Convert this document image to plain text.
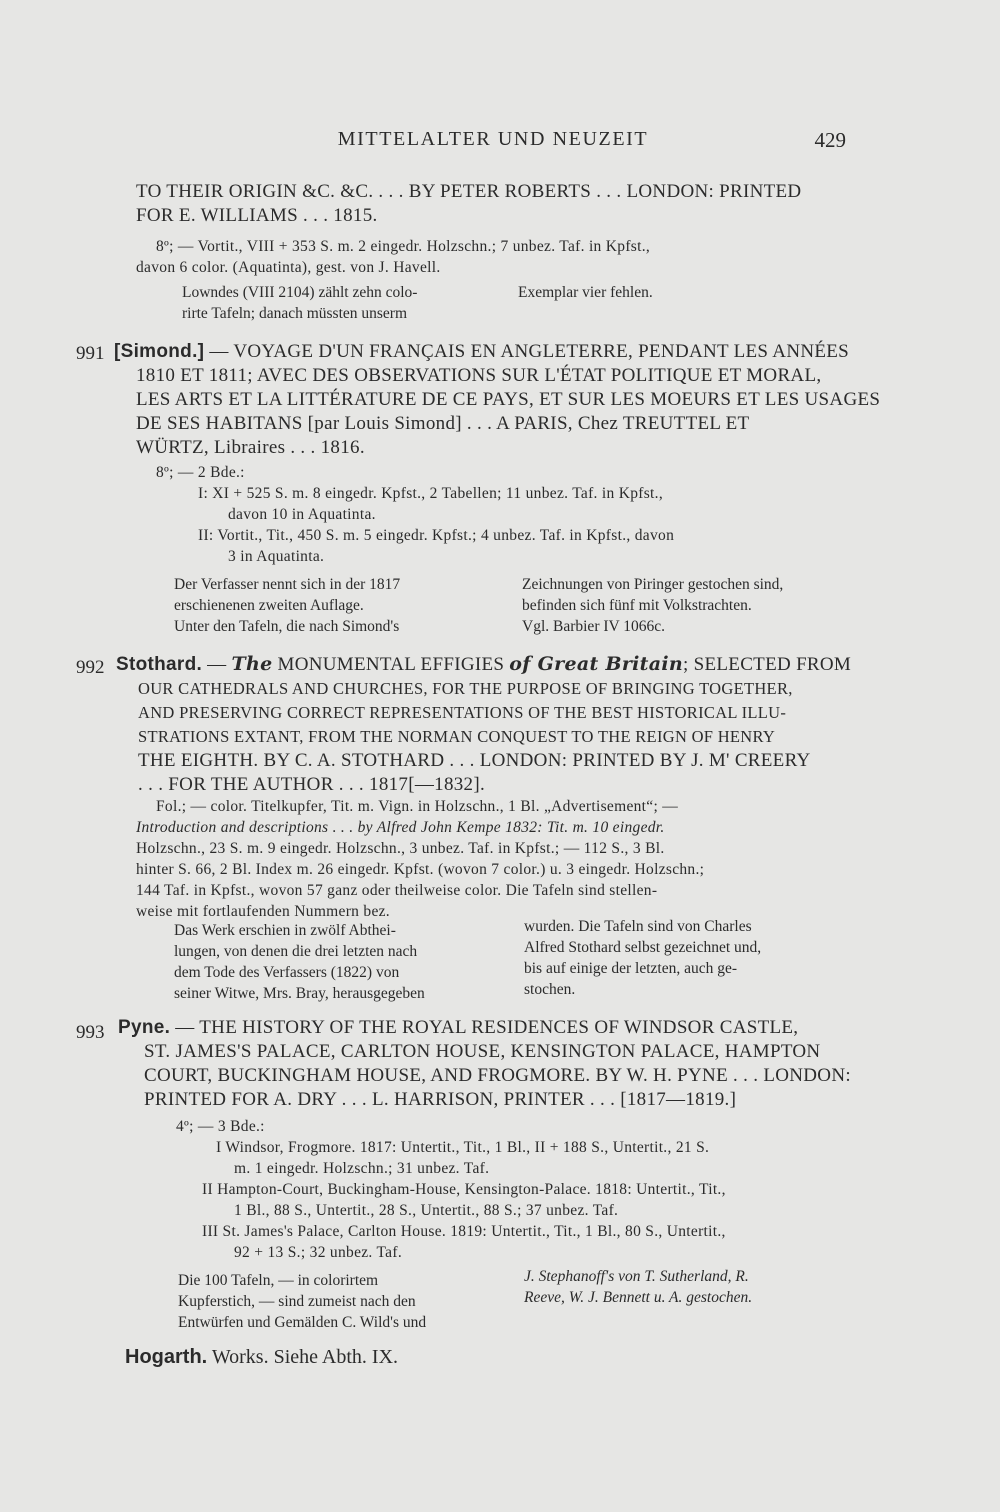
MITTELALTER UND NEUZEIT	429
TO THEIR ORIGIN &C. &C. . . . BY PETER ROBERTS . . . LONDON: PRINTED
FOR E. WILLIAMS . . . 1815.
8º; — Vortit., VIII + 353 S. m. 2 eingedr. Holzschn.; 7 unbez. Taf. in Kpfst.,
davon 6 color. (Aquatinta), gest. von J. Havell.
Lowndes (VIII 2104) zählt zehn colo-
rirte Tafeln; danach müssten unserm
Exemplar vier fehlen.
991 [Simond.] — VOYAGE D'UN FRANÇAIS EN ANGLETERRE, PENDANT LES ANNÉES
1810 ET 1811; AVEC DES OBSERVATIONS SUR L'ÉTAT POLITIQUE ET MORAL,
LES ARTS ET LA LITTÉRATURE DE CE PAYS, ET SUR LES MOEURS ET LES USAGES
DE SES HABITANS [par Louis Simond] . . . A PARIS, Chez TREUTTEL ET
WÜRTZ, Libraires . . . 1816.
8º; — 2 Bde.:
I: XI + 525 S. m. 8 eingedr. Kpfst., 2 Tabellen; 11 unbez. Taf. in Kpfst.,
davon 10 in Aquatinta.
II: Vortit., Tit., 450 S. m. 5 eingedr. Kpfst.; 4 unbez. Taf. in Kpfst., davon
3 in Aquatinta.
Der Verfasser nennt sich in der 1817
erschienenen zweiten Auflage.
Unter den Tafeln, die nach Simond's
Zeichnungen von Piringer gestochen sind,
befinden sich fünf mit Volkstrachten.
Vgl. Barbier IV 1066c.
992 Stothard. — The MONUMENTAL EFFIGIES of Great Britain; SELECTED FROM
OUR CATHEDRALS AND CHURCHES, FOR THE PURPOSE OF BRINGING TOGETHER,
AND PRESERVING CORRECT REPRESENTATIONS OF THE BEST HISTORICAL ILLU-
STRATIONS EXTANT, FROM THE NORMAN CONQUEST TO THE REIGN OF HENRY
THE EIGHTH. BY C. A. STOTHARD . . . LONDON: PRINTED BY J. M' CREERY
. . . FOR THE AUTHOR . . . 1817[—1832].
Fol.; — color. Titelkupfer, Tit. m. Vign. in Holzschn., 1 Bl. „Advertisement“; —
Introduction and descriptions . . . by Alfred John Kempe 1832: Tit. m. 10 eingedr.
Holzschn., 23 S. m. 9 eingedr. Holzschn., 3 unbez. Taf. in Kpfst.; — 112 S., 3 Bl.
hinter S. 66, 2 Bl. Index m. 26 eingedr. Kpfst. (wovon 7 color.) u. 3 eingedr. Holzschn.;
144 Taf. in Kpfst., wovon 57 ganz oder theilweise color. Die Tafeln sind stellen-
weise mit fortlaufenden Nummern bez.
Das Werk erschien in zwölf Abthei-
lungen, von denen die drei letzten nach
dem Tode des Verfassers (1822) von
seiner Witwe, Mrs. Bray, herausgegeben
wurden. Die Tafeln sind von Charles
Alfred Stothard selbst gezeichnet und,
bis auf einige der letzten, auch ge-
stochen.
993 Pyne. — THE HISTORY OF THE ROYAL RESIDENCES OF WINDSOR CASTLE,
ST. JAMES'S PALACE, CARLTON HOUSE, KENSINGTON PALACE, HAMPTON
COURT, BUCKINGHAM HOUSE, AND FROGMORE. BY W. H. PYNE . . . LONDON:
PRINTED FOR A. DRY . . . L. HARRISON, PRINTER . . . [1817—1819.]
4º; — 3 Bde.:
I Windsor, Frogmore. 1817: Untertit., Tit., 1 Bl., II + 188 S., Untertit., 21 S.
m. 1 eingedr. Holzschn.; 31 unbez. Taf.
II Hampton-Court, Buckingham-House, Kensington-Palace. 1818: Untertit., Tit.,
1 Bl., 88 S., Untertit., 28 S., Untertit., 88 S.; 37 unbez. Taf.
III St. James's Palace, Carlton House. 1819: Untertit., Tit., 1 Bl., 80 S., Untertit.,
92 + 13 S.; 32 unbez. Taf.
Die 100 Tafeln, — in colorirtem
Kupferstich, — sind zumeist nach den
Entwürfen und Gemälden C. Wild's und
J. Stephanoff's von T. Sutherland, R.
Reeve, W. J. Bennett u. A. gestochen.
Hogarth. Works. Siehe Abth. IX.
